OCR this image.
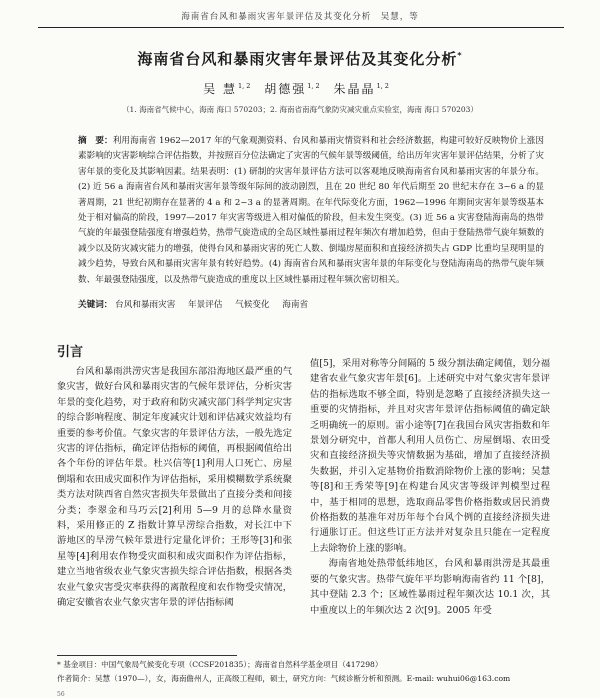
海南省台风和暴雨灾害年景评估及其变化分析　吴慧，等
海南省台风和暴雨灾害年景评估及其变化分析*
吴 慧$^{1, 2}$ 胡德强$^{1, 2}$ 朱晶晶$^{1, 2}$
（1. 海南省气候中心，海南 海口 570203；2. 海南省南海气象防灾减灾重点实验室，海南 海口 570203）
摘　要：利用海南省 1962—2017 年的气象观测资料、台风和暴雨灾情资料和社会经济数据，构建可较好反映物价上涨因素影响的灾害影响综合评估指数，并按照百分位法确定了灾害的气候年景等级阈值，给出历年灾害年景评估结果，分析了灾害年景的变化及其影响因素。结果表明：(1) 研制的灾害年景评估方法可以客观地反映海南省台风和暴雨灾害的年景分布。(2) 近 56 a 海南省台风和暴雨灾害年景等级年际间的波动剧烈，且在 20 世纪 80 年代后期至 20 世纪末存在 3~6 a 的显著周期，21 世纪初期存在显著的 4 a 和 2~3 a 的显著周期。在年代际变化方面，1962—1996 年期间灾害年景等级基本处于相对偏高的阶段，1997—2017 年灾害等级进入相对偏低的阶段，但未发生突变。(3) 近 56 a 灾害登陆海南岛的热带气旋的年最强登陆强度有增强趋势，热带气旋造成的全岛区域性暴雨过程年频次有增加趋势，但由于登陆热带气旋年频数的减少以及防灾减灾能力的增强，使得台风和暴雨灾害的死亡人数、倒塌房屋面积和直接经济损失占 GDP 比重均呈现明显的减少趋势，导致台风和暴雨灾害年景有转好趋势。(4) 海南省台风和暴雨灾害年景的年际变化与登陆海南岛的热带气旋年频数、年最强登陆强度，以及热带气旋造成的重度以上区域性暴雨过程年频次密切相关。
关键词： 台风和暴雨灾害 年景评估 气候变化 海南省
引言

台风和暴雨洪涝灾害是我国东部沿海地区最严重的气象灾害，做好台风和暴雨灾害的气候年景评估，分析灾害年景的变化趋势，对于政府和防灾减灾部门科学判定灾害的综合影响程度、制定年度减灾计划和评估减灾效益均有重要的参考价值。气象灾害的年景评估方法，一般先选定灾害的评估指标，确定评估指标的阈值，再根据阈值给出各个年份的评估年景。杜兴信等[1]利用人口死亡、房屋倒塌和农田成灾面积作为评估指标，采用模糊数学系统聚类方法对陕西省自然灾害损失年景做出了直接分类和间接分类；李翠金和马巧云[2]利用 5—9 月的总降水量资料，采用修正的 Z 指数计算早涝综合指数，对长江中下游地区的旱涝气候年景进行定量化评价；王形等[3]和张星等[4]利用农作物受灾面积和成灾面积作为评估指标，建立当地省级农业气象灾害损失综合评估指数，根据各类农业气象灾害受灾率获得的离散程度和农作物受灾情况，确定安徽省农业气象灾害年景的评估指标阈

值[5]，采用对称等分间隔的 5 级分割法确定阈值，划分福建省农业气象灾害年景[6]。上述研究中对气象灾害年景评估的指标选取不够全面，特别是忽略了直接经济损失这一重要的灾情指标，并且对灾害年景评估指标阈值的确定缺乏明确统一的原则。雷小途等[7]在我国台风灾害指数和年景划分研究中，首都人利用人员伤亡、房屋倒塌、农田受灾和直接经济损失等灾情数据为基础，增加了直接经济损失数据，并引入定基物价指数消除物价上涨的影响；吴慧等[8]和王秀荣等[9]在构建台风灾害等级评判模型过程中，基于相同的思想，选取商品零售价格指数或居民消费价格指数的基准年对历年每个台风个例的直接经济损失进行通胀订正。但这些订正方法并对复杂且只能在一定程度上去除物价上涨的影响。

海南省地处热带低纬地区，台风和暴雨洪涝是其最重要的气象灾害。热带气旋年平均影响海南省约 11 个[8]，其中登陆 2.3 个；区域性暴雨过程年频次达 10.1 次，其中重度以上的年频次达 2 次[9]。2005 年受

* 基金项目：中国气象局气候变化专项（CCSF201835）；海南省自然科学基金项目（417298）
作者简介：吴慧（1970—），女，海南儋州人，正高级工程师，硕士，研究方向：气候诊断分析和预测。E-mail: wuhui06@163.com
56
